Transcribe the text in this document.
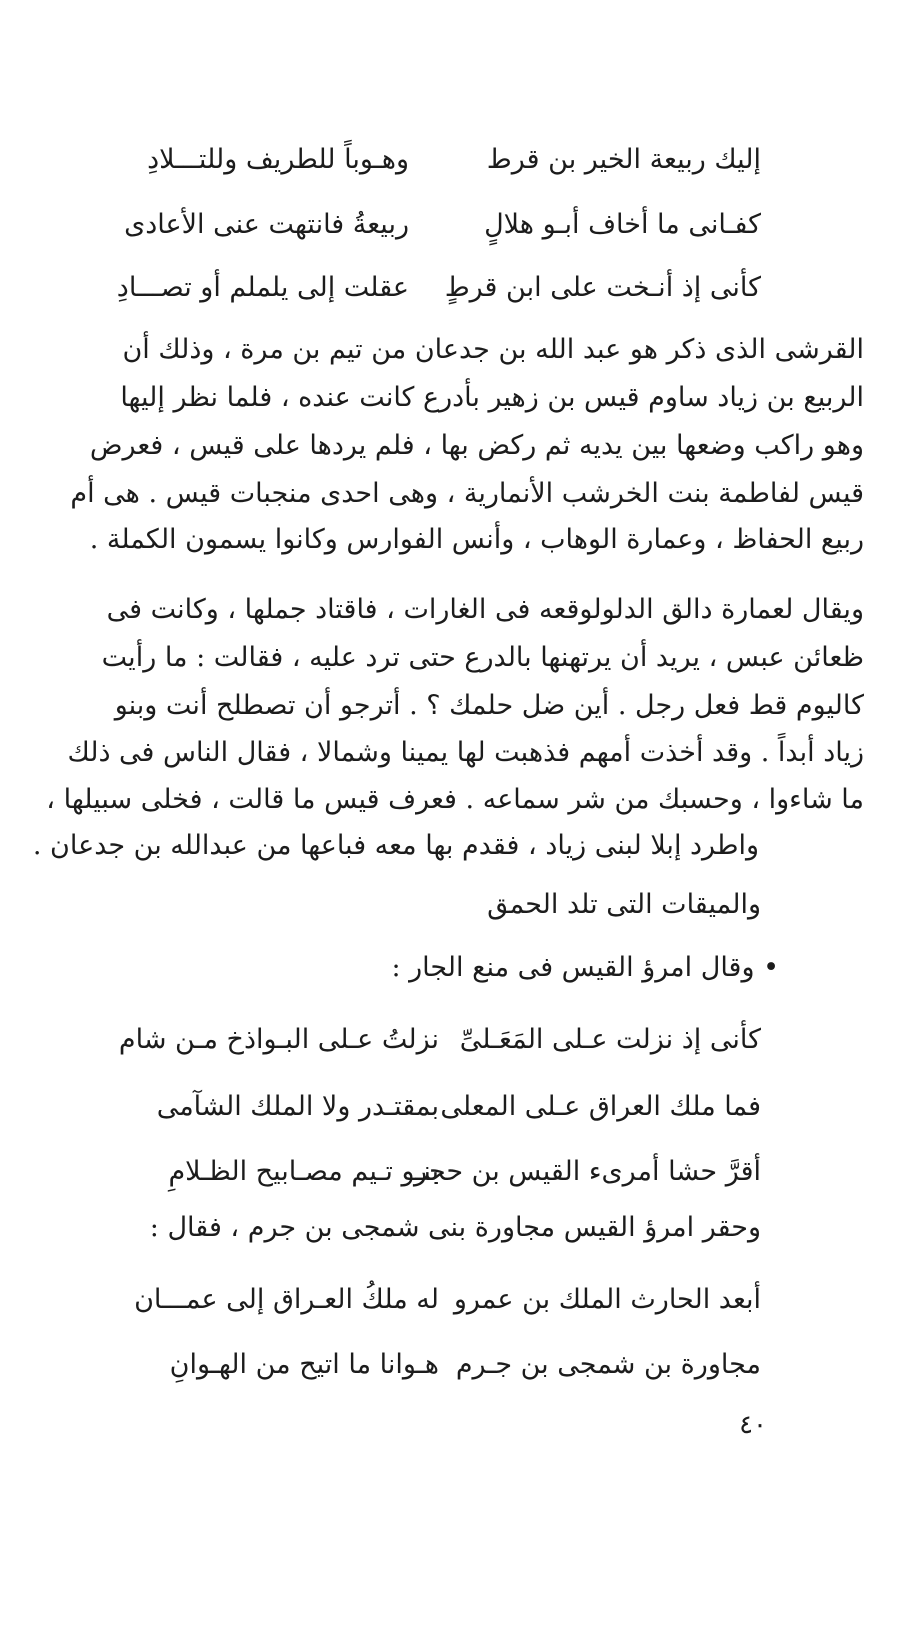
إليك ربيعة الخير بن قرط
وهـوباً للطريف وللتـــلادِ
كفـانى ما أخاف أبـو هلالٍ
ربيعةُ فانتهت عنى الأعادى
كأنى إذ أنـخت على ابن قرطٍ
عقلت إلى يلملم أو تصـــادِ
القرشى الذى ذكر هو عبد الله بن جدعان من تيم بن مرة ، وذلك أن
الربيع بن زياد ساوم قيس بن زهير بأدرع كانت عنده ، فلما نظر إليها
وهو راكب وضعها بين يديه ثم ركض بها ، فلم يردها على قيس ، فعرض
قيس لفاطمة بنت الخرشب الأنمارية ، وهى احدى منجبات قيس . هى أم
ربيع الحفاظ ، وعمارة الوهاب ، وأنس الفوارس وكانوا يسمون الكملة .
ويقال لعمارة دالق الدلولوقعه فى الغارات ، فاقتاد جملها ، وكانت فى
ظعائن عبس ، يريد أن يرتهنها بالدرع حتى ترد عليه ، فقالت : ما رأيت
كاليوم قط فعل رجل . أين ضل حلمك ؟ . أترجو أن تصطلح أنت وبنو
زياد أبداً . وقد أخذت أمهم فذهبت لها يمينا وشمالا ، فقال الناس فى ذلك
ما شاءوا ، وحسبك من شر سماعه . فعرف قيس ما قالت ، فخلى سبيلها ،
واطرد إبلا لبنى زياد ، فقدم بها معه فباعها من عبدالله بن جدعان .
والميقات التى تلد الحمق
• وقال امرؤ القيس فى منع الجار :
كأنى إذ نزلت عـلى المَعَـلىِّ
نزلتُ عـلى البـواذخ مـن شام
فما ملك العراق عـلى المعلى
بمقتـدر ولا الملك الشآمى
أقرَّ حشا أمرىء القيس بن حجر
بنـو تـيم مصـابيح الظـلامِ
وحقر امرؤ القيس مجاورة بنى شمجى بن جرم ، فقال :
أبعد الحارث الملك بن عمرو
له ملكُ العـراق إلى عمـــان
مجاورة بن شمجى بن جـرم
هـوانا ما اتيح من الهـوانِ
٤٠
